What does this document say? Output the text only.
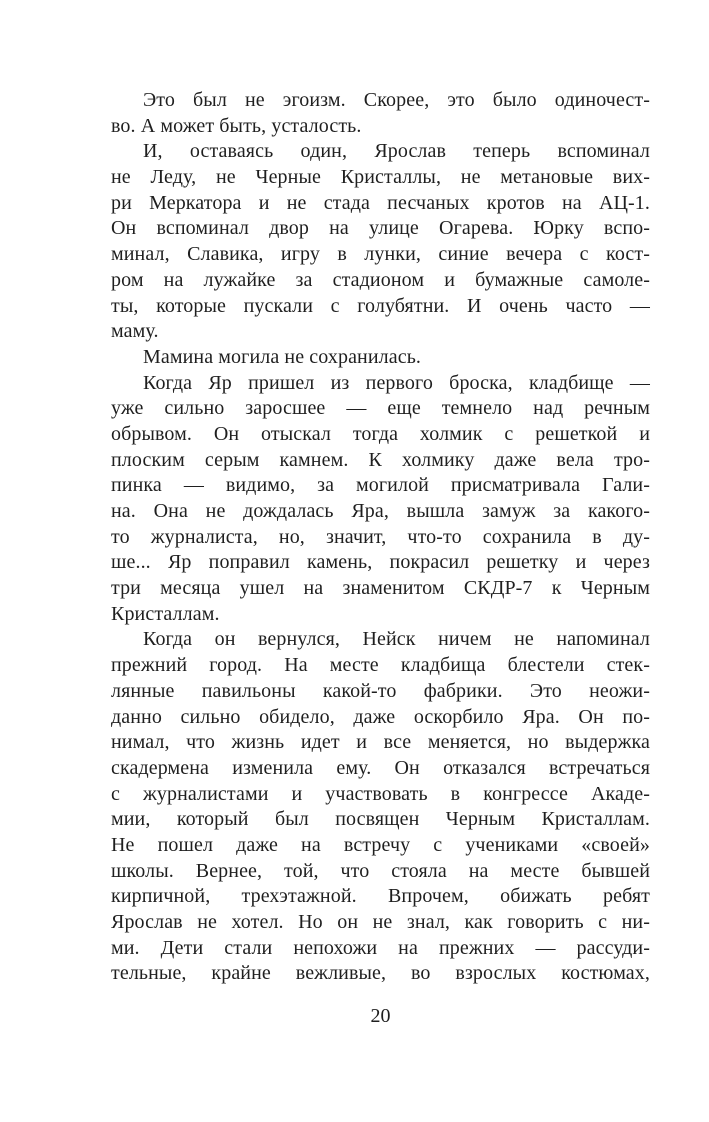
Это был не эгоизм. Скорее, это было одиночест-
во. А может быть, усталость.
И, оставаясь один, Ярослав теперь вспоминал
не Леду, не Черные Кристаллы, не метановые вих-
ри Меркатора и не стада песчаных кротов на АЦ-1.
Он вспоминал двор на улице Огарева. Юрку вспо-
минал, Славика, игру в лунки, синие вечера с кост-
ром на лужайке за стадионом и бумажные самоле-
ты, которые пускали с голубятни. И очень часто —
маму.
Мамина могила не сохранилась.
Когда Яр пришел из первого броска, кладбище —
уже сильно заросшее — еще темнело над речным
обрывом. Он отыскал тогда холмик с решеткой и
плоским серым камнем. К холмику даже вела тро-
пинка — видимо, за могилой присматривала Гали-
на. Она не дождалась Яра, вышла замуж за какого-
то журналиста, но, значит, что-то сохранила в ду-
ше... Яр поправил камень, покрасил решетку и через
три месяца ушел на знаменитом СКДР-7 к Черным
Кристаллам.
Когда он вернулся, Нейск ничем не напоминал
прежний город. На месте кладбища блестели стек-
лянные павильоны какой-то фабрики. Это неожи-
данно сильно обидело, даже оскорбило Яра. Он по-
нимал, что жизнь идет и все меняется, но выдержка
скадермена изменила ему. Он отказался встречаться
с журналистами и участвовать в конгрессе Акаде-
мии, который был посвящен Черным Кристаллам.
Не пошел даже на встречу с учениками «своей»
школы. Вернее, той, что стояла на месте бывшей
кирпичной, трехэтажной. Впрочем, обижать ребят
Ярослав не хотел. Но он не знал, как говорить с ни-
ми. Дети стали непохожи на прежних — рассуди-
тельные, крайне вежливые, во взрослых костюмах,
20
